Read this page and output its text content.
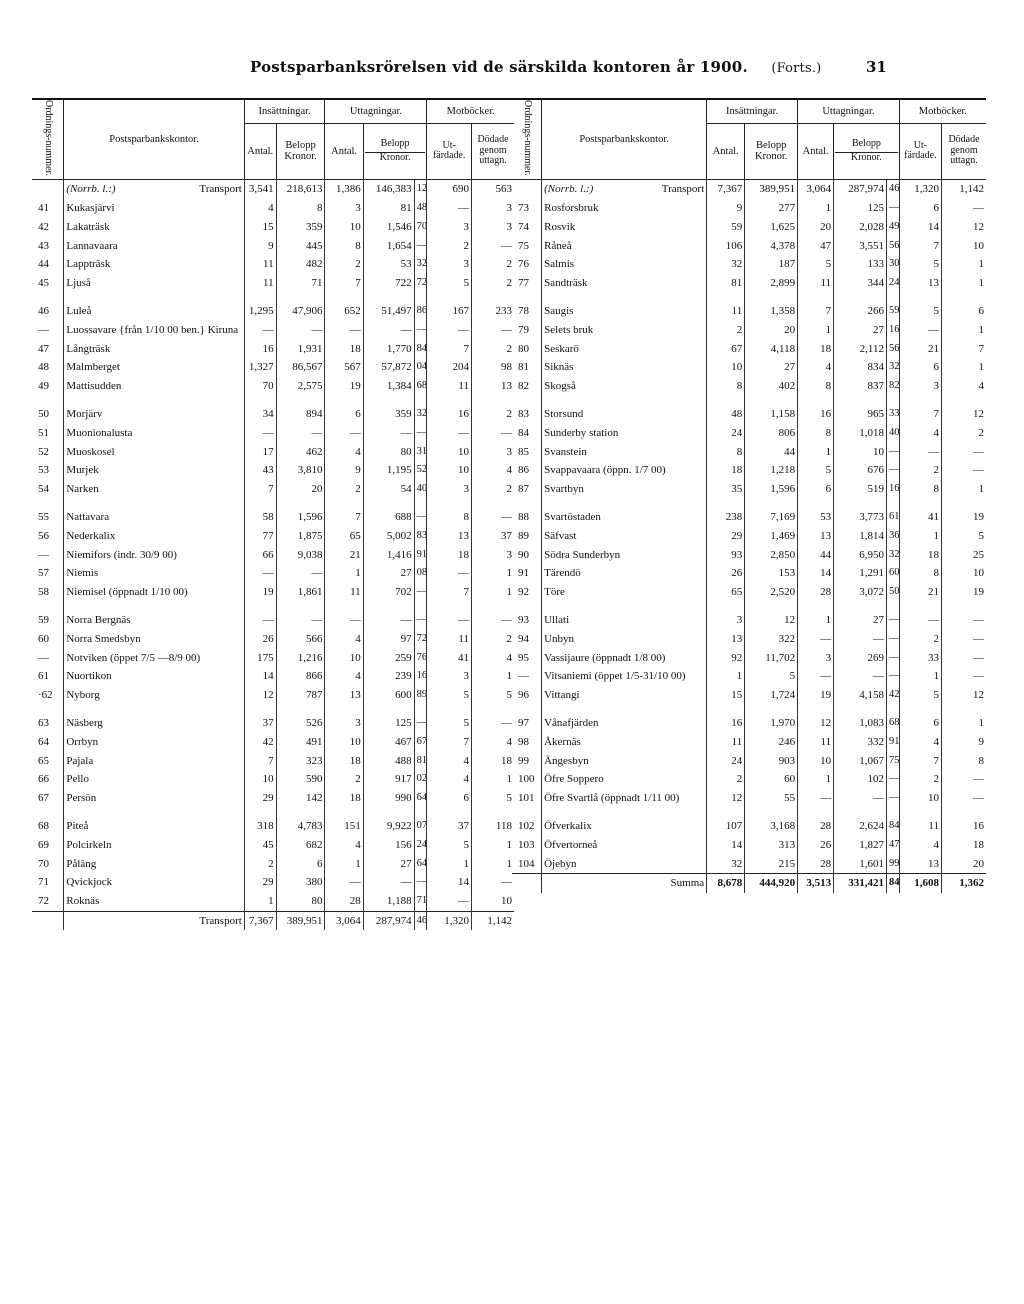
Postsparbanksrörelsen vid de särskilda kontoren år 1900. (Forts.)	31
Ordnings-nummer.	Postsparbankskontor.	Insättningar.		Uttagningar.			Motböcker.	
		Antal.	Belopp Kronor.	Antal.	Belopp
Kronor.		Ut-färdade.	Dödade genom uttagn.
	(Norrb. l.:) Transport	3,541	218,613	1,386	146,383	12	690	563
41	Kukasjärvi	4	8	3	81	48	—	3
42	Lakaträsk	15	359	10	1,546	70	3	3
43	Lannavaara	9	445	8	1,654	—	2	—
44	Lappträsk	11	482	2	53	32	3	2
45	Ljuså	11	71	7	722	72	5	2

46	Luleå	1,295	47,906	652	51,497	86	167	233
—	Luossavare {från 1/10 00 ben.} Kiruna	—	—	—	—	—	—	—
47	Långträsk	16	1,931	18	1,770	84	7	2
48	Malmberget	1,327	86,567	567	57,872	04	204	98
49	Mattisudden	70	2,575	19	1,384	68	11	13

50	Morjärv	34	894	6	359	32	16	2
51	Muonionalusta	—	—	—	—	—	—	—
52	Muoskosel	17	462	4	80	31	10	3
53	Murjek	43	3,810	9	1,195	52	10	4
54	Narken	7	20	2	54	40	3	2

55	Nattavara	58	1,596	7	688	—	8	—
56	Nederkalix	77	1,875	65	5,002	83	13	37
—	Niemifors (indr. 30/9 00)	66	9,038	21	1,416	91	18	3
57	Niemis	—	—	1	27	08	—	1
58	Niemisel (öppnadt 1/10 00)	19	1,861	11	702	—	7	1

59	Norra Bergnäs	—	—	—	—	—	—	—
60	Norra Smedsbyn	26	566	4	97	72	11	2
—	Notviken (öppet 7/5 —8/9 00)	175	1,216	10	259	76	41	4
61	Nuortikon	14	866	4	239	16	3	1
·62	Nyborg	12	787	13	600	89	5	5

63	Näsberg	37	526	3	125	—	5	—
64	Orrbyn	42	491	10	467	67	7	4
65	Pajala	7	323	18	488	81	4	18
66	Pello	10	590	2	917	02	4	1
67	Persön	29	142	18	990	64	6	5

68	Piteå	318	4,783	151	9,922	07	37	118
69	Polcirkeln	45	682	4	156	24	5	1
70	Påläng	2	6	1	27	64	1	1
71	Qvickjock	29	380	—	—	—	14	—
72	Roknäs	1	80	28	1,188	71	—	10

	Transport	7,367	389,951	3,064	287,974	46	1,320	1,142
Ordnings-nummer.	Postsparbankskontor.	Insättningar.		Uttagningar.			Motböcker.	
		Antal.	Belopp Kronor.	Antal.	Belopp
Kronor.		Ut-färdade.	Dödade genom uttagn.
	(Norrb. l.:) Transport	7,367	389,951	3,064	287,974	46	1,320	1,142
73	Rosforsbruk	9	277	1	125	—	6	—
74	Rosvik	59	1,625	20	2,028	49	14	12
75	Råneå	106	4,378	47	3,551	56	7	10
76	Salmis	32	187	5	133	30	5	1
77	Sandträsk	81	2,899	11	344	24	13	1

78	Saugis	11	1,358	7	266	59	5	6
79	Selets bruk	2	20	1	27	16	—	1
80	Seskarö	67	4,118	18	2,112	56	21	7
81	Siknäs	10	27	4	834	32	6	1
82	Skogså	8	402	8	837	82	3	4

83	Storsund	48	1,158	16	965	33	7	12
84	Sunderby station	24	806	8	1,018	40	4	2
85	Svanstein	8	44	1	10	—	—	—
86	Svappavaara (öppn. 1/7 00)	18	1,218	5	676	—	2	—
87	Svartbyn	35	1,596	6	519	16	8	1

88	Svartöstaden	238	7,169	53	3,773	61	41	19
89	Säfvast	29	1,469	13	1,814	36	1	5
90	Södra Sunderbyn	93	2,850	44	6,950	32	18	25
91	Tärendö	26	153	14	1,291	60	8	10
92	Töre	65	2,520	28	3,072	50	21	19

93	Ullati	3	12	1	27	—	—	—
94	Unbyn	13	322	—	—	—	2	—
95	Vassijaure (öppnadt 1/8 00)	92	11,702	3	269	—	33	—
—	Vitsaniemi (öppet 1/5-31/10 00)	1	5	—	—	—	1	—
96	Vittangi	15	1,724	19	4,158	42	5	12

97	Vånafjärden	16	1,970	12	1,083	68	6	1
98	Åkernäs	11	246	11	332	91	4	9
99	Ängesbyn	24	903	10	1,067	75	7	8
100	Öfre Soppero	2	60	1	102	—	2	—
101	Öfre Svartlå (öppnadt 1/11 00)	12	55	—	—	—	10	—

102	Öfverkalix	107	3,168	28	2,624	84	11	16
103	Öfvertorneå	14	313	26	1,827	47	4	18
104	Öjebyn	32	215	28	1,601	99	13	20

	Summa	8,678	444,920	3,513	331,421	84	1,608	1,362
